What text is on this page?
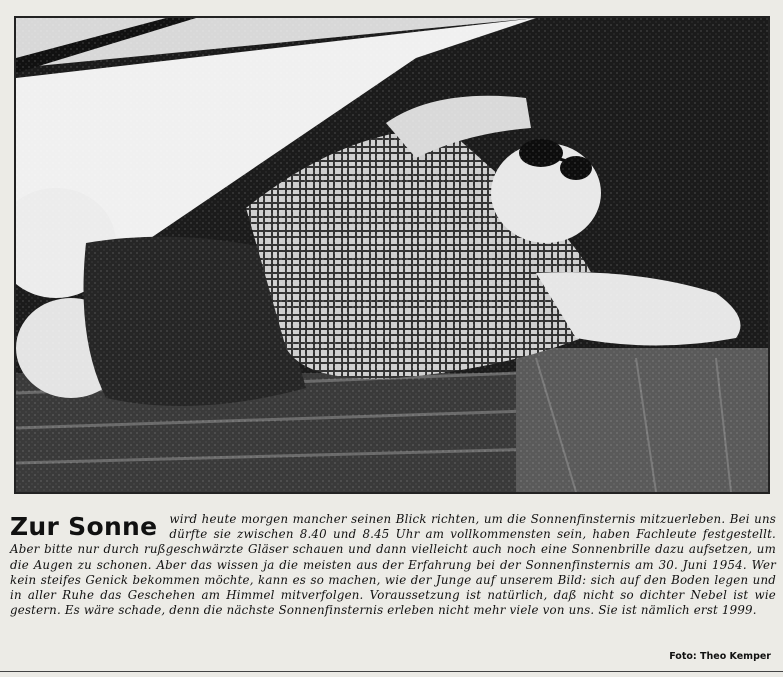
Zur Sonne	wird heute morgen mancher seinen Blick richten, um die Sonnenfinsternis mitzuerleben. Bei uns dürfte sie zwischen 8.40 und 8.45 Uhr am vollkommensten sein, haben Fachleute festgestellt. Aber bitte nur durch rußgeschwärzte Gläser schauen und dann vielleicht auch noch eine Sonnenbrille dazu aufsetzen, um die Augen zu schonen. Aber das wissen ja die meisten aus der Erfahrung bei der Sonnenfinsternis am 30. Juni 1954. Wer kein steifes Genick bekommen möchte, kann es so machen, wie der Junge auf unserem Bild: sich auf den Boden legen und in aller Ruhe das Geschehen am Himmel mitverfolgen. Voraussetzung ist natürlich, daß nicht so dichter Nebel ist wie gestern. Es wäre schade, denn die nächste Sonnenfinsternis erleben nicht mehr viele von uns. Sie ist nämlich erst 1999.

Foto: Theo Kemper
